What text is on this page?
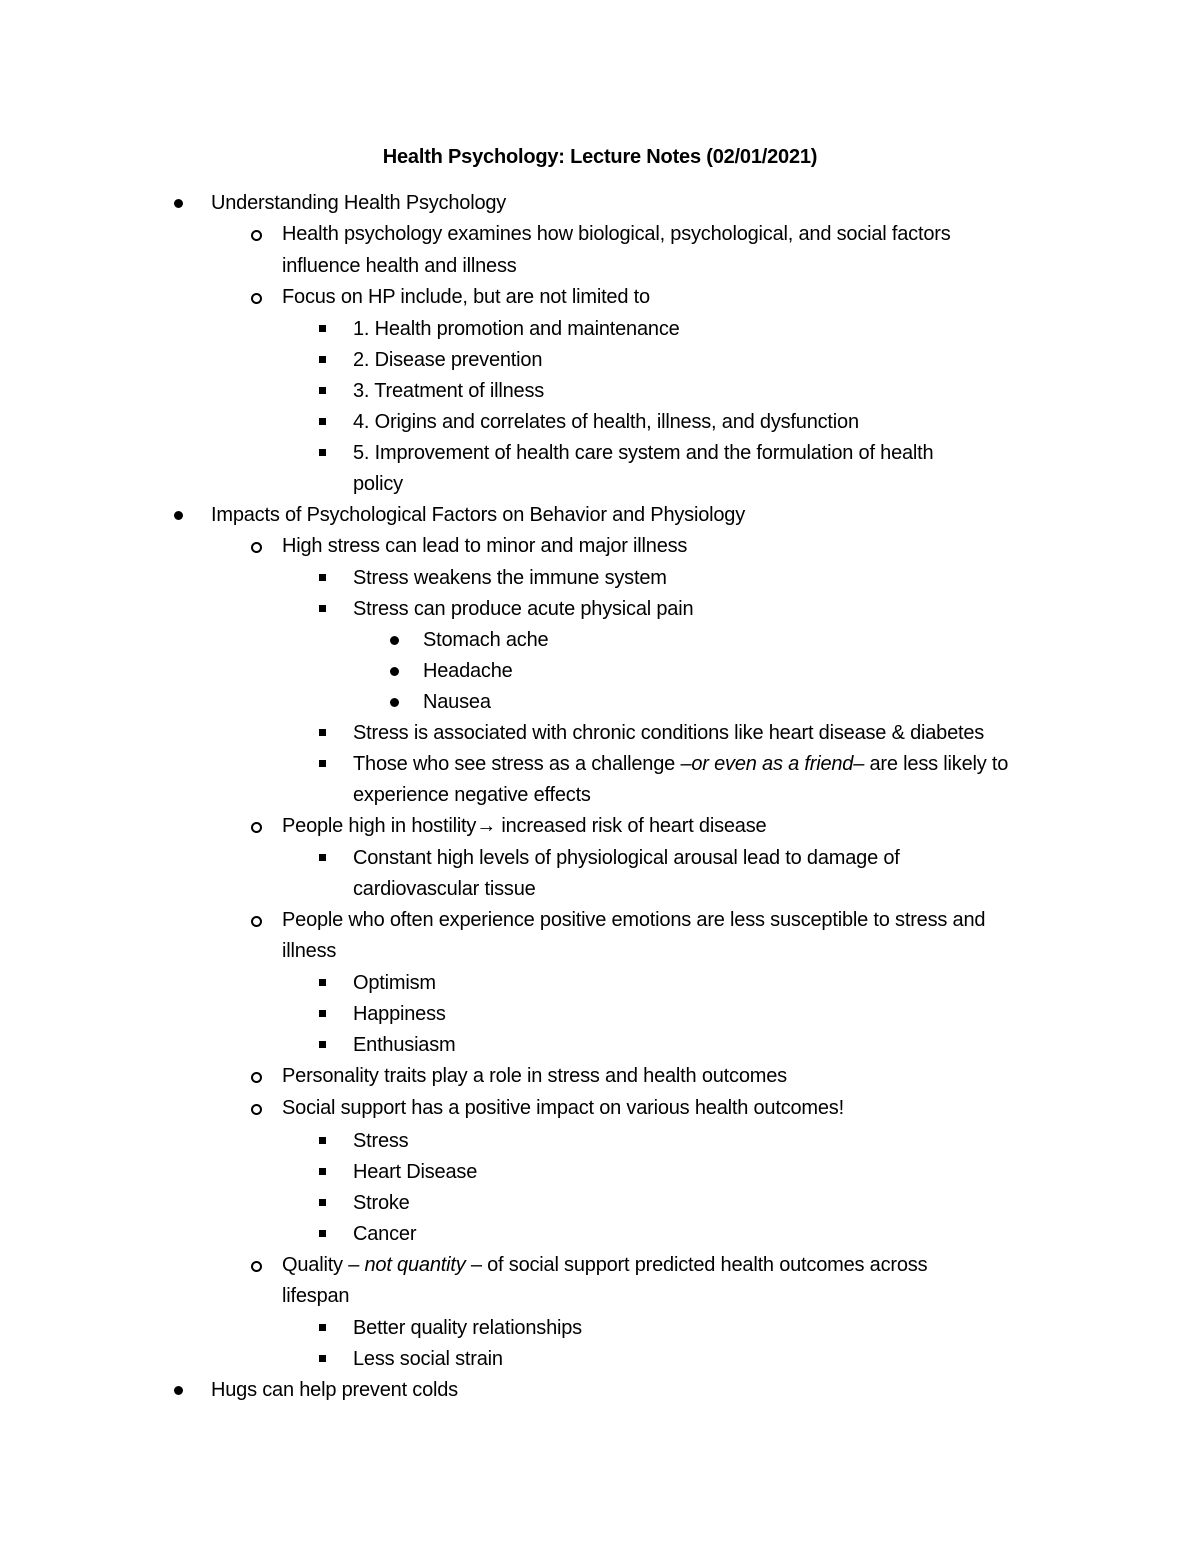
Health Psychology: Lecture Notes (02/01/2021)
Understanding Health Psychology
Health psychology examines how biological, psychological, and social factors
influence health and illness
Focus on HP include, but are not limited to
1. Health promotion and maintenance
2. Disease prevention
3. Treatment of illness
4. Origins and correlates of health, illness, and dysfunction
5. Improvement of health care system and the formulation of health
policy
Impacts of Psychological Factors on Behavior and Physiology
High stress can lead to minor and major illness
Stress weakens the immune system
Stress can produce acute physical pain
Stomach ache
Headache
Nausea
Stress is associated with chronic conditions like heart disease & diabetes
Those who see stress as a challenge –or even as a friend– are less likely to
experience negative effects
People high in hostility→ increased risk of heart disease
Constant high levels of physiological arousal lead to damage of
cardiovascular tissue
People who often experience positive emotions are less susceptible to stress and
illness
Optimism
Happiness
Enthusiasm
Personality traits play a role in stress and health outcomes
Social support has a positive impact on various health outcomes!
Stress
Heart Disease
Stroke
Cancer
Quality – not quantity – of social support predicted health outcomes across
lifespan
Better quality relationships
Less social strain
Hugs can help prevent colds
